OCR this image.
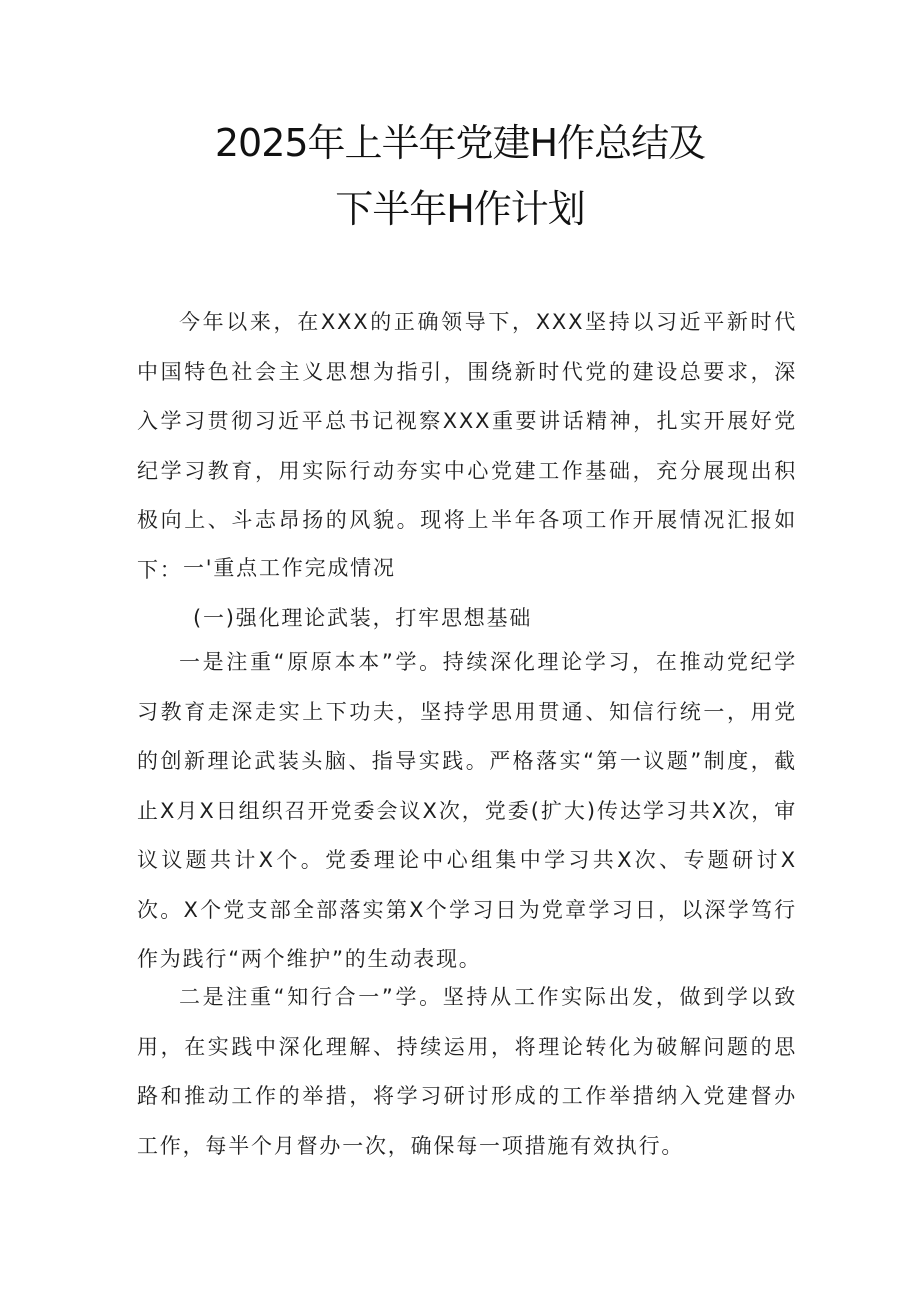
2025年上半年党建H作总结及
下半年H作计划

今年以来，在XXX的正确领导下，XXX坚持以习近平新时代中国特色社会主义思想为指引，围绕新时代党的建设总要求，深入学习贯彻习近平总书记视察XXX重要讲话精神，扎实开展好党纪学习教育，用实际行动夯实中心党建工作基础，充分展现出积极向上、斗志昂扬的风貌。现将上半年各项工作开展情况汇报如下： 一'重点工作完成情况

(一)强化理论武装，打牢思想基础

一是注重“原原本本”学。持续深化理论学习，在推动党纪学习教育走深走实上下功夫，坚持学思用贯通、知信行统一，用党的创新理论武装头脑、指导实践。严格落实“第一议题”制度，截止X月X日组织召开党委会议X次，党委(扩大)传达学习共X次，审议议题共计X个。党委理论中心组集中学习共X次、专题研讨X次。X个党支部全部落实第X个学习日为党章学习日，以深学笃行作为践行“两个维护”的生动表现。

二是注重“知行合一”学。坚持从工作实际出发，做到学以致用，在实践中深化理解、持续运用，将理论转化为破解问题的思路和推动工作的举措，将学习研讨形成的工作举措纳入党建督办工作，每半个月督办一次，确保每一项措施有效执行。
